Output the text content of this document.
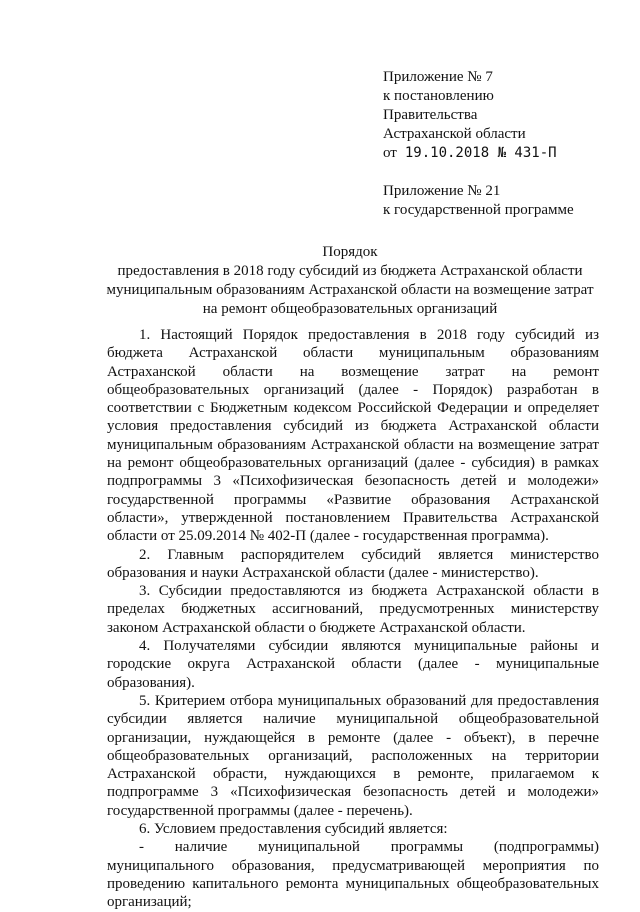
Приложение № 7
к постановлению
Правительства
Астраханской области
от 19.10.2018 № 431-П
Приложение № 21
к государственной программе
Порядок
предоставления в 2018 году субсидий из бюджета Астраханской области
муниципальным образованиям Астраханской области на возмещение затрат
на ремонт общеобразовательных организаций

1. Настоящий Порядок предоставления в 2018 году субсидий из бюджета Астраханской области муниципальным образованиям Астраханской области на возмещение затрат на ремонт общеобразовательных организаций (далее - Порядок) разработан в соответствии с Бюджетным кодексом Российской Федерации и определяет условия предоставления субсидий из бюджета Астраханской области муниципальным образованиям Астраханской области на возмещение затрат на ремонт общеобразовательных организаций (далее - субсидия) в рамках подпрограммы 3 «Психофизическая безопасность детей и молодежи» государственной программы «Развитие образования Астраханской области», утвержденной постановлением Правительства Астраханской области от 25.09.2014 № 402-П (далее - государственная программа).

2. Главным распорядителем субсидий является министерство образования и науки Астраханской области (далее - министерство).

3. Субсидии предоставляются из бюджета Астраханской области в пределах бюджетных ассигнований, предусмотренных министерству законом Астраханской области о бюджете Астраханской области.

4. Получателями субсидии являются муниципальные районы и городские округа Астраханской области (далее - муниципальные образования).

5. Критерием отбора муниципальных образований для предоставления субсидии является наличие муниципальной общеобразовательной организации, нуждающейся в ремонте (далее - объект), в перечне общеобразовательных организаций, расположенных на территории Астраханской обрасти, нуждающихся в ремонте, прилагаемом к подпрограмме 3 «Психофизическая безопасность детей и молодежи» государственной программы (далее - перечень).

6. Условием предоставления субсидий является:

- наличие муниципальной программы (подпрограммы) муниципального образования, предусматривающей мероприятия по проведению капитального ремонта муниципальных общеобразовательных организаций;
